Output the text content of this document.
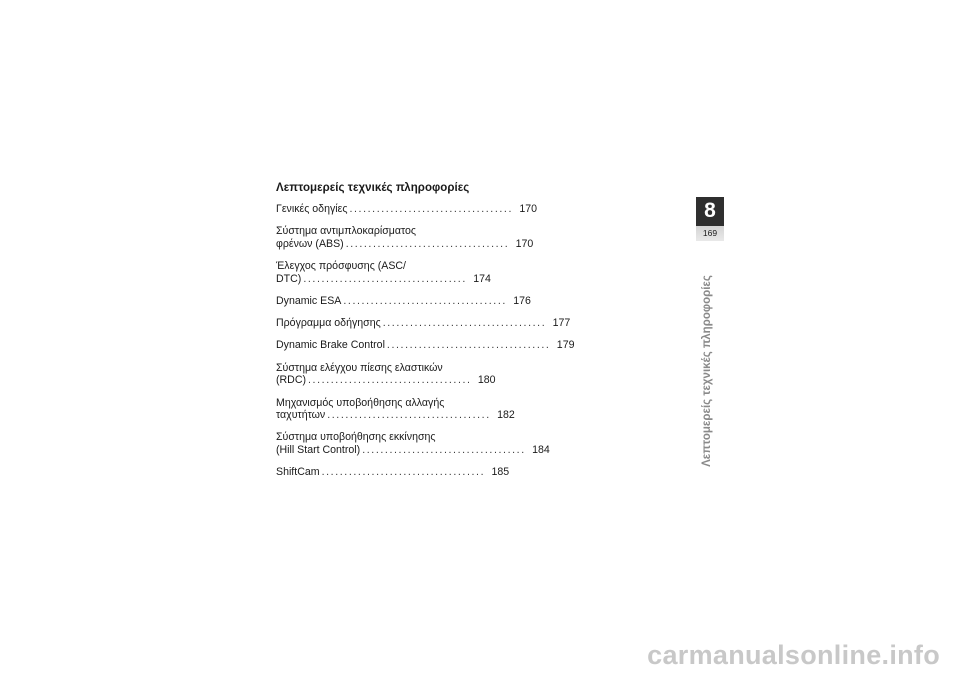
Λεπτομερείς τεχνικές πληροφορίες
Γενικές οδηγίες .................................... 170
Σύστημα αντιμπλοκαρίσματος
φρένων (ABS) .................................... 170
Έλεγχος πρόσφυσης (ASC/
DTC) .................................... 174
Dynamic ESA .................................... 176
Πρόγραμμα οδήγησης .................................... 177
Dynamic Brake Control .................................... 179
Σύστημα ελέγχου πίεσης ελαστικών
(RDC) .................................... 180
Μηχανισμός υποβοήθησης αλλαγής
ταχυτήτων .................................... 182
Σύστημα υποβοήθησης εκκίνησης
(Hill Start Control) .................................... 184
ShiftCam .................................... 185
8
169
Λεπτομερείς τεχνικές πληροφορίες
carmanualsonline.info
